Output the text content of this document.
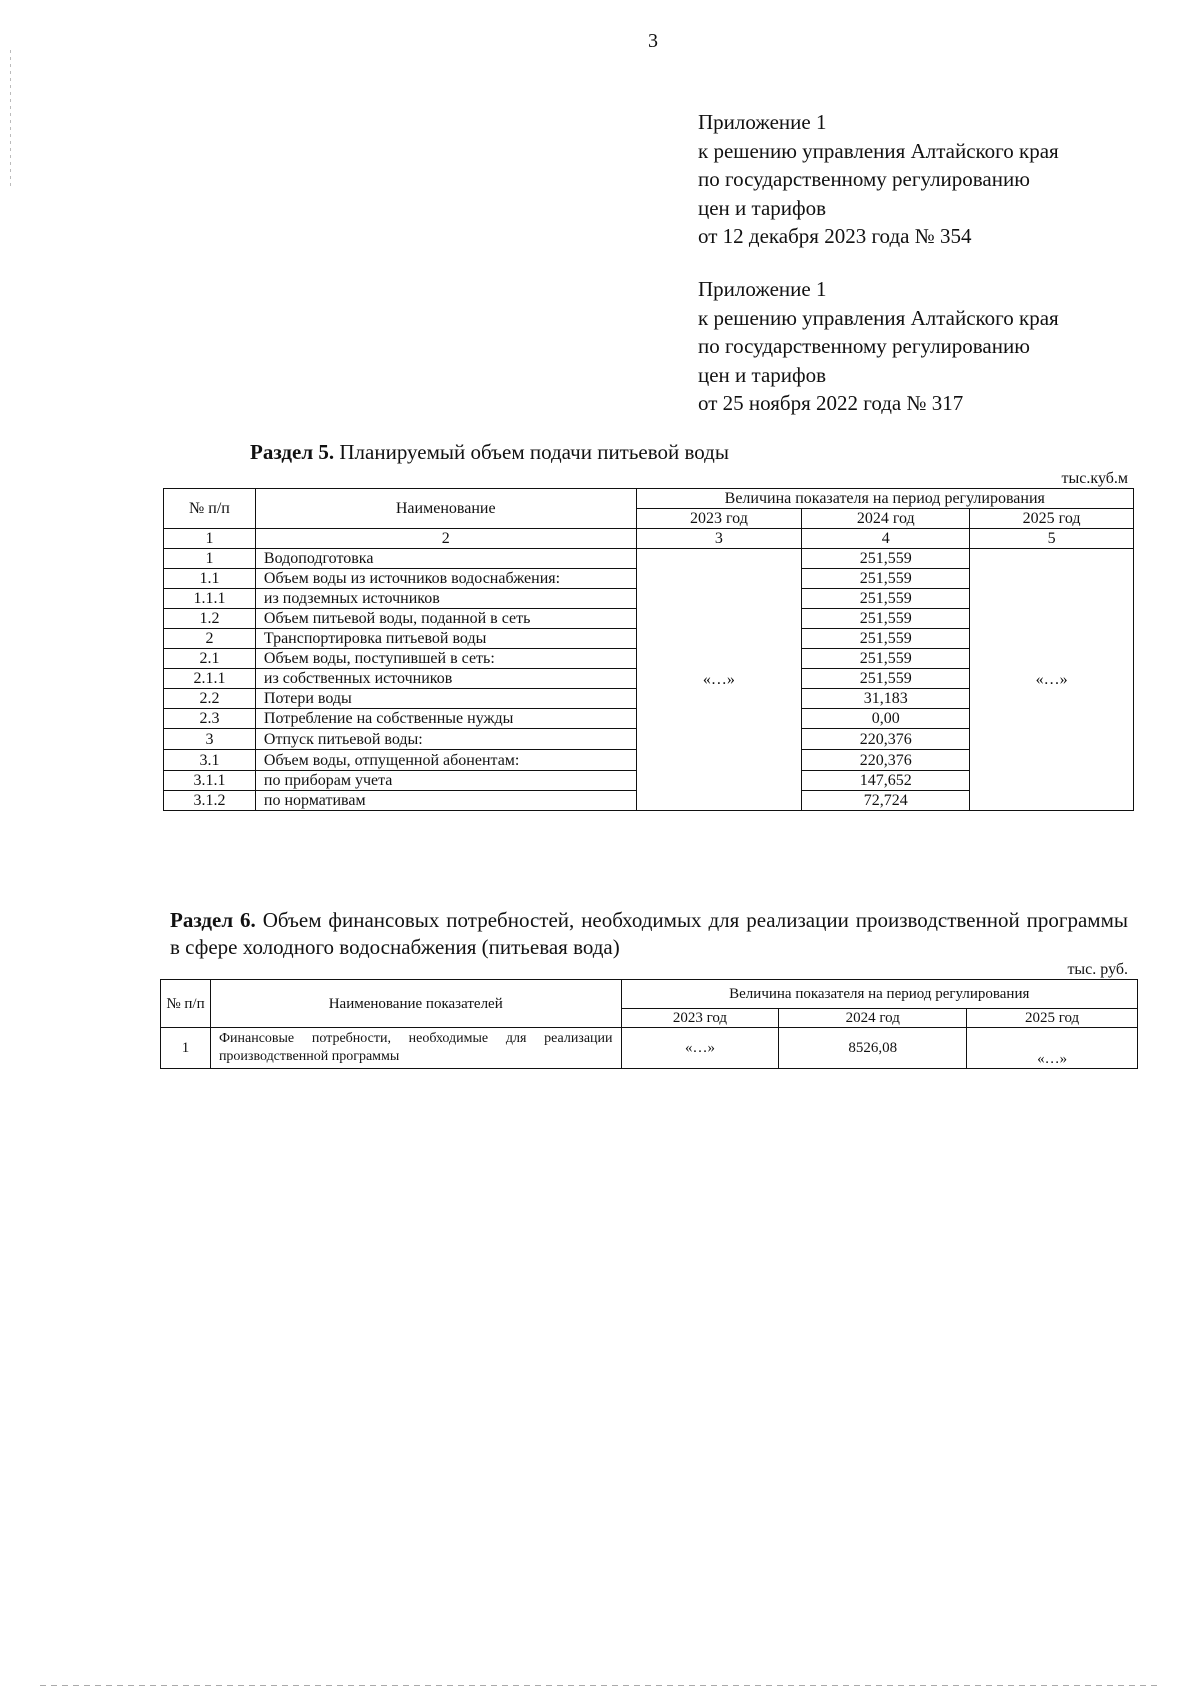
3
Приложение 1
к решению управления Алтайского края
по государственному регулированию
цен и тарифов
от 12 декабря 2023 года № 354
Приложение 1
к решению управления Алтайского края
по государственному регулированию
цен и тарифов
от 25 ноября 2022 года № 317
Раздел 5. Планируемый объем подачи питьевой воды
тыс.куб.м
№ п/п	Наименование	Величина показателя на период регулирования		
		2023 год	2024 год	2025 год
1	2	3	4	5
1	Водоподготовка	«…»	251,559	«…»
1.1	Объем воды из источников водоснабжения:		251,559	
1.1.1	из подземных источников		251,559	
1.2	Объем питьевой воды, поданной в сеть		251,559	
2	Транспортировка питьевой воды		251,559	
2.1	Объем воды, поступившей в сеть:		251,559	
2.1.1	из собственных источников		251,559	
2.2	Потери воды		31,183	
2.3	Потребление на собственные нужды		0,00	
3	Отпуск питьевой воды:		220,376	
3.1	Объем воды, отпущенной абонентам:		220,376	
3.1.1	по приборам учета		147,652	
3.1.2	по нормативам		72,724	
Раздел 6. Объем финансовых потребностей, необходимых для реализации производственной программы в сфере холодного водоснабжения (питьевая вода)
тыс. руб.
№ п/п	Наименование показателей	Величина показателя на период регулирования		
		2023 год	2024 год	2025 год
1	Финансовые потребности, необходимые для реализации производственной программы	«…»	8526,08	«…»
